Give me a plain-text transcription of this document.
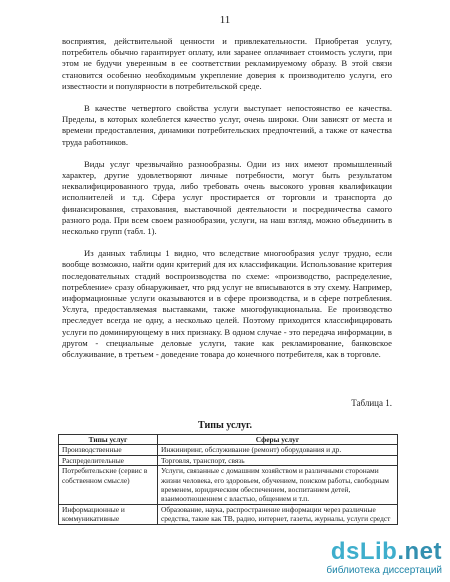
11

восприятия, действительной ценности и привлекательности. Приобретая услугу, потребитель обычно гарантирует оплату, или заранее оплачивает стоимость услуги, при этом не будучи уверенным в ее соответствии рекламируемому образу. В этой связи становится особенно необходимым укрепление доверия к производителю услуги, его известности и популярности в потребительской среде.

В качестве четвертого свойства услуги выступает непостоянство ее качества. Пределы, в которых колеблется качество услуг, очень широки. Они зависят от места и времени предоставления, динамики потребительских предпочтений, а также от качества труда работников.

Виды услуг чрезвычайно разнообразны. Одни из них имеют промышленный характер, другие удовлетворяют личные потребности, могут быть результатом неквалифицированного труда, либо требовать очень высокого уровня квалификации исполнителей и т.д. Сфера услуг простирается от торговли и транспорта до финансирования, страхования, выставочной деятельности и посредничества самого разного рода. При всем своем разнообразии, услуги, на наш взгляд, можно объединить в несколько групп (табл. 1).

Из данных таблицы 1 видно, что вследствие многообразия услуг трудно, если вообще возможно, найти один критерий для их классификации. Использование критерия последовательных стадий воспроизводства по схеме: «производство, распределение, потребление» сразу обнаруживает, что ряд услуг не вписываются в эту схему. Например, информационные услуги оказываются и в сфере производства, и в сфере потребления. Услуга, предоставляемая выставками, также многофункциональна. Ее производство преследует всегда не одну, а несколько целей. Поэтому приходится классифицировать услуги по доминирующему в них признаку. В одном случае - это передача информации, в другом - специальные деловые услуги, такие как рекламирование, банковское обслуживание, в третьем - доведение товара до конечного потребителя, как в торговле.

Таблица 1.
Типы услуг.
Типы услуг	Сферы услуг
Производственные	Инжиниринг, обслуживание (ремонт) оборудования и др.
Распределительные	Торговля, транспорт, связь
Потребительские (сервис в собственном смысле)	Услуги, связанные с домашним хозяйством и различными сторонами жизни человека, его здоровьем, обучением, поиском работы, свободным временем, юридическим обеспечением, воспитанием детей, взаимоотношением с властью, общением и т.п.
Информационные и коммуникативные	Образование, наука, распространение информации через различные средства, такие как ТВ, радио, интернет, газеты, журналы, услуги средст
dsLib.net
библиотека диссертаций
